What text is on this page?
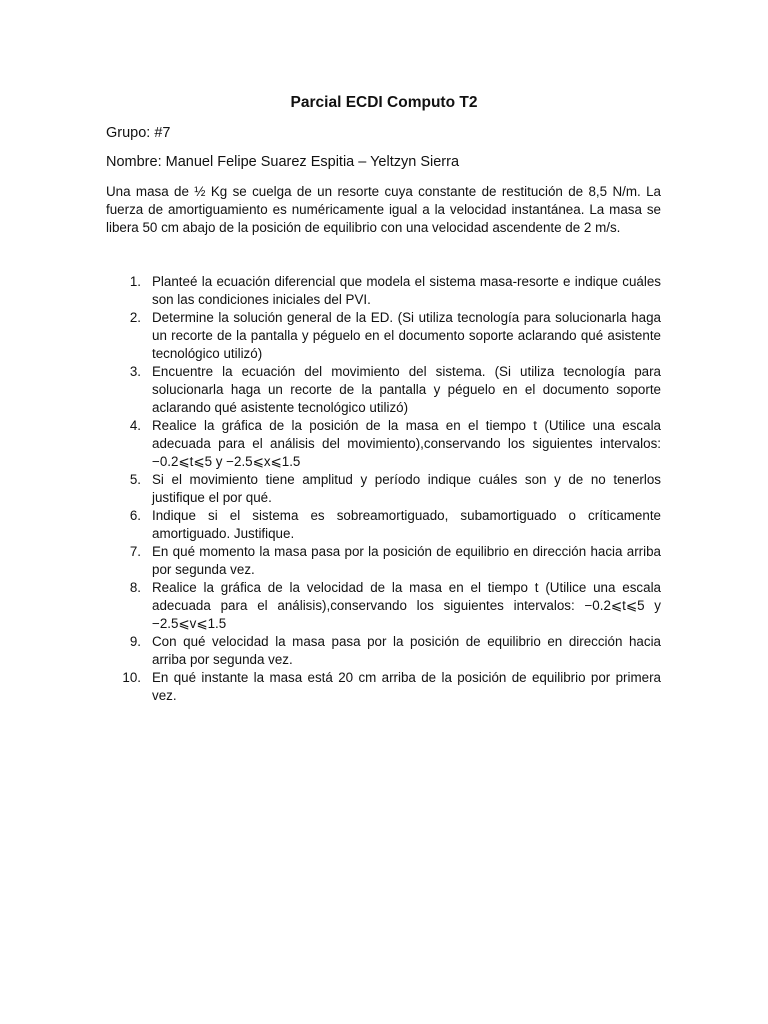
Parcial ECDI Computo T2
Grupo: #7
Nombre: Manuel Felipe Suarez Espitia – Yeltzyn Sierra
Una masa de ½ Kg se cuelga de un resorte cuya constante de restitución de 8,5 N/m. La fuerza de amortiguamiento es numéricamente igual a la velocidad instantánea. La masa se libera 50 cm abajo de la posición de equilibrio con una velocidad ascendente de 2 m/s.
1. Planteé la ecuación diferencial que modela el sistema masa-resorte e indique cuáles son las condiciones iniciales del PVI.
2. Determine la solución general de la ED. (Si utiliza tecnología para solucionarla haga un recorte de la pantalla y péguelo en el documento soporte aclarando qué asistente tecnológico utilizó)
3. Encuentre la ecuación del movimiento del sistema. (Si utiliza tecnología para solucionarla haga un recorte de la pantalla y péguelo en el documento soporte aclarando qué asistente tecnológico utilizó)
4. Realice la gráfica de la posición de la masa en el tiempo t (Utilice una escala adecuada para el análisis del movimiento),conservando los siguientes intervalos: −0.2⩽t⩽5 y −2.5⩽x⩽1.5
5. Si el movimiento tiene amplitud y período indique cuáles son y de no tenerlos justifique el por qué.
6. Indique si el sistema es sobreamortiguado, subamortiguado o críticamente amortiguado. Justifique.
7. En qué momento la masa pasa por la posición de equilibrio en dirección hacia arriba por segunda vez.
8. Realice la gráfica de la velocidad de la masa en el tiempo t (Utilice una escala adecuada para el análisis),conservando los siguientes intervalos: −0.2⩽t⩽5 y −2.5⩽v⩽1.5
9. Con qué velocidad la masa pasa por la posición de equilibrio en dirección hacia arriba por segunda vez.
10. En qué instante la masa está 20 cm arriba de la posición de equilibrio por primera vez.
